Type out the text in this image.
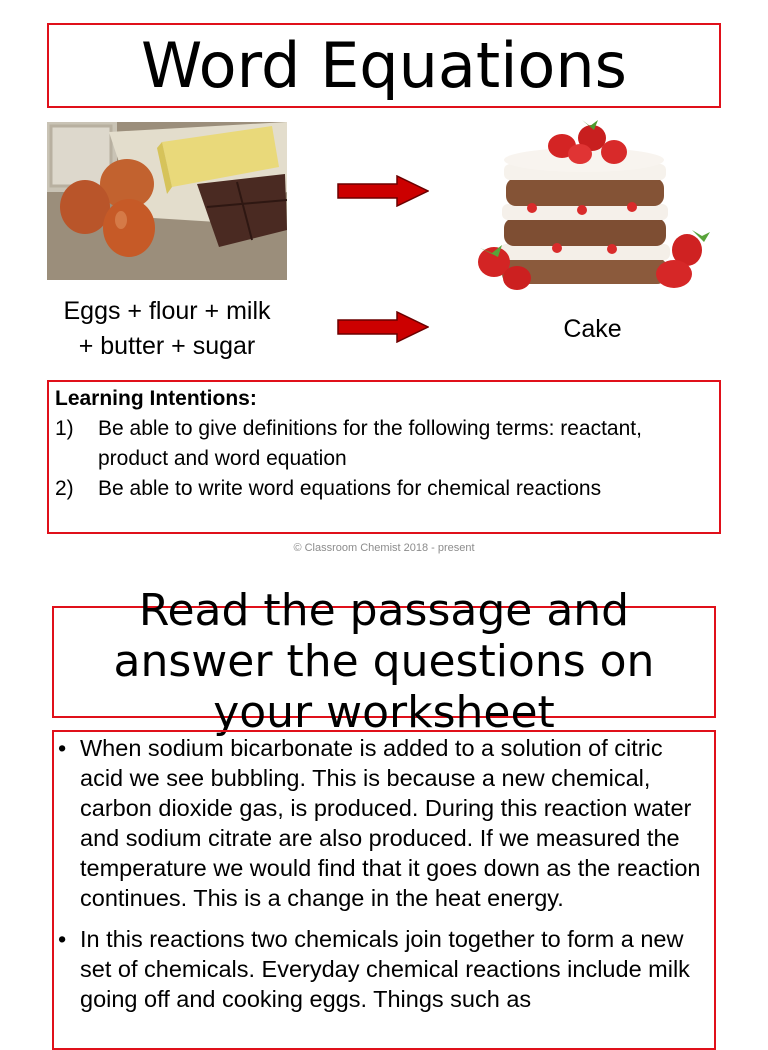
Word Equations
Eggs + flour + milk
+ butter + sugar
Cake
Learning Intentions:
1)	Be able to give definitions for the following terms: reactant, product and word equation
2)	Be able to write word equations for chemical reactions
© Classroom Chemist 2018 - present
Read the passage and
answer the questions on
your worksheet
• When sodium bicarbonate is added to a solution of citric acid we see bubbling. This is because a new chemical, carbon dioxide gas, is produced. During this reaction water and sodium citrate are also produced. If we measured the temperature we would find that it goes down as the reaction continues. This is a change in the heat energy.
• In this reactions two chemicals join together to form a new set of chemicals. Everyday chemical reactions include milk going off and cooking eggs. Things such as
